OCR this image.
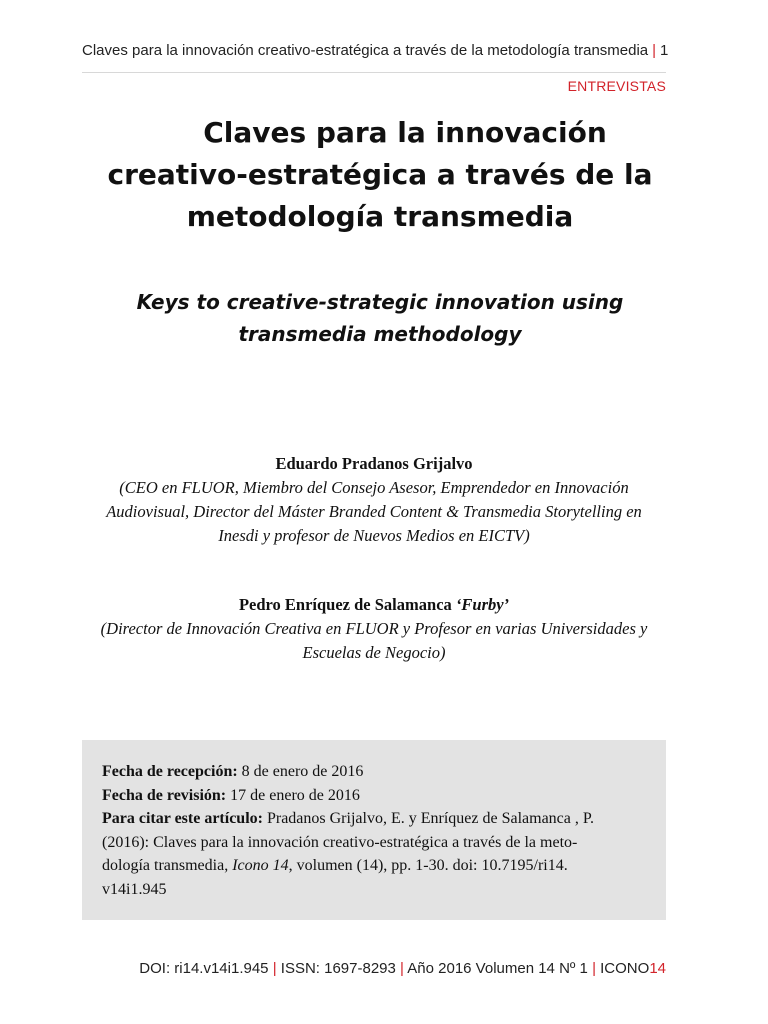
Claves para la innovación creativo-estratégica a través de la metodología transmedia | 1
ENTREVISTAS
Claves para la innovación
creativo-estratégica a través de la
metodología transmedia
Keys to creative-strategic innovation using
transmedia methodology
Eduardo Pradanos Grijalvo
(CEO en FLUOR, Miembro del Consejo Asesor, Emprendedor en Innovación
Audiovisual, Director del Máster Branded Content & Transmedia Storytelling en
Inesdi y profesor de Nuevos Medios en EICTV)
Pedro Enríquez de Salamanca ‘Furby’
(Director de Innovación Creativa en FLUOR y Profesor en varias Universidades y
Escuelas de Negocio)
Fecha de recepción: 8 de enero de 2016
Fecha de revisión: 17 de enero de 2016
Para citar este artículo: Pradanos Grijalvo, E. y Enríquez de Salamanca , P.
(2016): Claves para la innovación creativo-estratégica a través de la meto-
dología transmedia, Icono 14, volumen (14), pp. 1-30. doi: 10.7195/ri14.
v14i1.945
DOI: ri14.v14i1.945 | ISSN: 1697-8293 | Año 2016 Volumen 14 Nº 1 | ICONO14
